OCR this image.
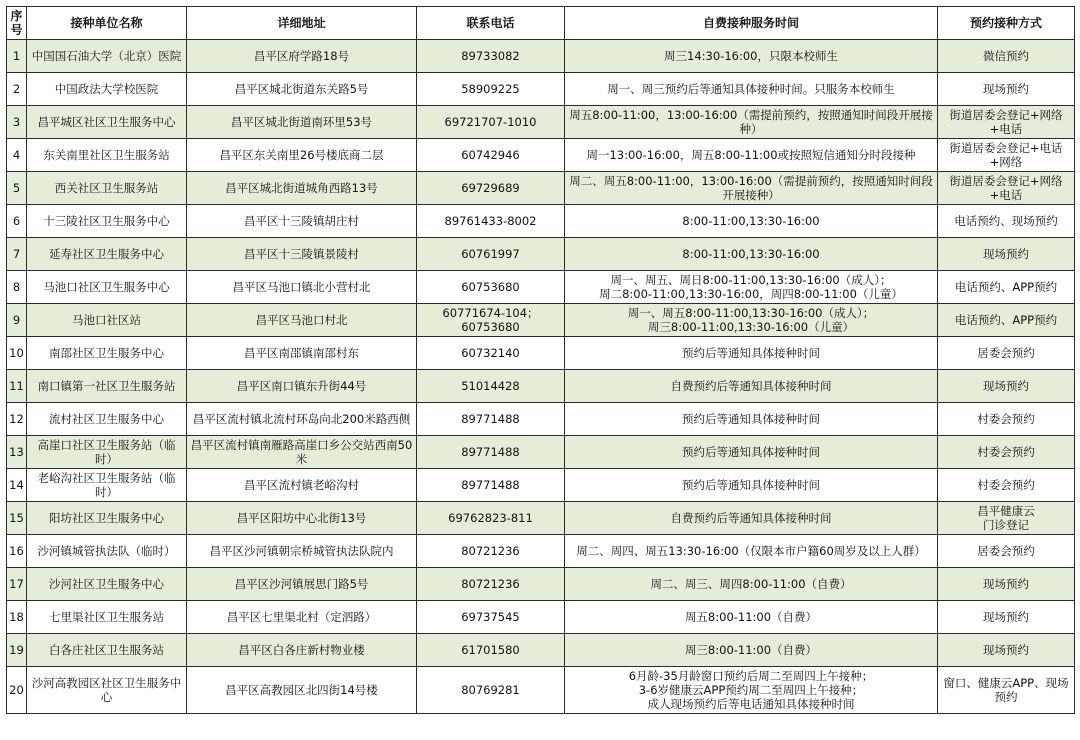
序号	接种单位名称	详细地址	联系电话	自费接种服务时间	预约接种方式
1	中国国石油大学（北京）医院	昌平区府学路18号	89733082	周三14:30-16:00，只限本校师生	微信预约
2	中国政法大学校医院	昌平区城北街道东关路5号	58909225	周一、周三预约后等通知具体接种时间。只服务本校师生	现场预约
3	昌平城区社区卫生服务中心	昌平区城北街道南环里53号	69721707-1010	周五8:00-11:00，13:00-16:00（需提前预约，按照通知时间段开展接种）	街道居委会登记+网络+电话
4	东关南里社区卫生服务站	昌平区东关南里26号楼底商二层	60742946	周一13:00-16:00，周五8:00-11:00或按照短信通知分时段接种	街道居委会登记+电话+网络
5	西关社区卫生服务站	昌平区城北街道城角西路13号	69729689	周二、周五8:00-11:00，13:00-16:00（需提前预约，按照通知时间段开展接种）	街道居委会登记+网络+电话
6	十三陵社区卫生服务中心	昌平区十三陵镇胡庄村	89761433-8002	8:00-11:00,13:30-16:00	电话预约、现场预约
7	延寿社区卫生服务中心	昌平区十三陵镇景陵村	60761997	8:00-11:00,13:30-16:00	现场预约
8	马池口社区卫生服务中心	昌平区马池口镇北小营村北	60753680	周一、周五、周日8:00-11:00,13:30-16:00（成人）；
周二8:00-11:00,13:30-16:00，周四8:00-11:00（儿童）	电话预约、APP预约
9	马池口社区站	昌平区马池口村北	60771674-104；
60753680	周一、周五8:00-11:00,13:30-16:00（成人）；
周三8:00-11:00,13:30-16:00（儿童）	电话预约、APP预约
10	南邵社区卫生服务中心	昌平区南邵镇南邵村东	60732140	预约后等通知具体接种时间	居委会预约
11	南口镇第一社区卫生服务站	昌平区南口镇东升街44号	51014428	自费预约后等通知具体接种时间	现场预约
12	流村社区卫生服务中心	昌平区流村镇北流村环岛向北200米路西侧	89771488	预约后等通知具体接种时间	村委会预约
13	高崖口社区卫生服务站（临时）	昌平区流村镇南雁路高崖口乡公交站西南50米	89771488	预约后等通知具体接种时间	村委会预约
14	老峪沟社区卫生服务站（临时）	昌平区流村镇老峪沟村	89771488	预约后等通知具体接种时间	村委会预约
15	阳坊社区卫生服务中心	昌平区阳坊中心北街13号	69762823-811	自费预约后等通知具体接种时间	昌平健康云
门诊登记
16	沙河镇城管执法队（临时）	昌平区沙河镇朝宗桥城管执法队院内	80721236	周二、周四、周五13:30-16:00（仅限本市户籍60周岁及以上人群）	居委会预约
17	沙河社区卫生服务中心	昌平区沙河镇展思门路5号	80721236	周二、周三、周四8:00-11:00（自费）	现场预约
18	七里渠社区卫生服务站	昌平区七里渠北村（定泗路）	69737545	周五8:00-11:00（自费）	现场预约
19	白各庄社区卫生服务站	昌平区白各庄新村物业楼	61701580	周三8:00-11:00（自费）	现场预约
20	沙河高教园区社区卫生服务中心	昌平区高教园区北四街14号楼	80769281	6月龄-35月龄窗口预约后周二至周四上午接种；
3-6岁健康云APP预约周二至周四上午接种；
成人现场预约后等电话通知具体接种时间	窗口、健康云APP、现场预约
